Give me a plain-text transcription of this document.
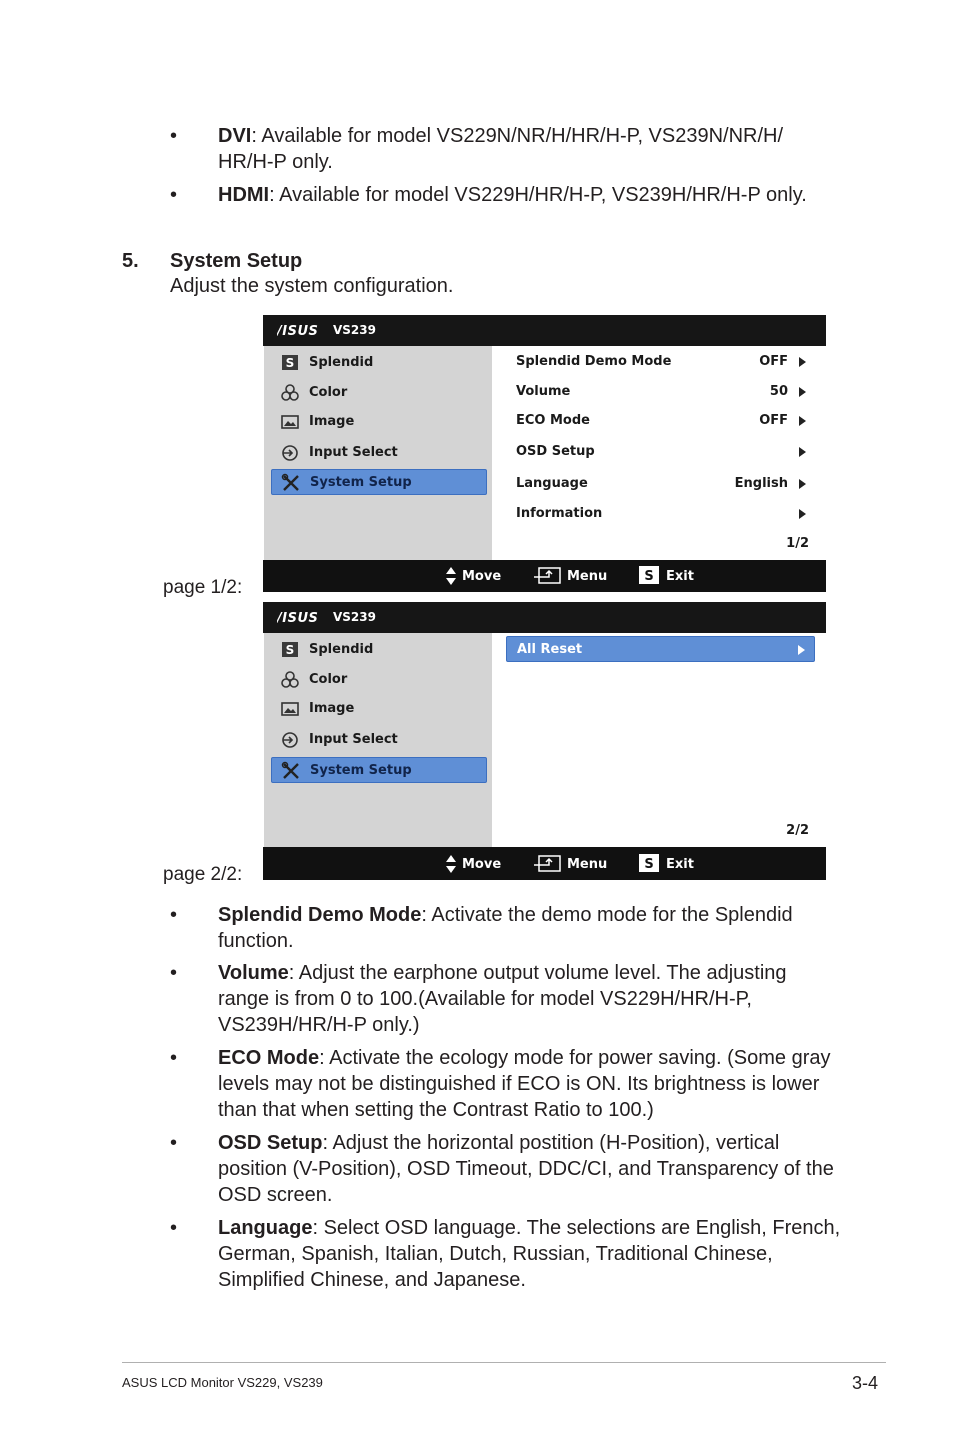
• DVI: Available for model VS229N/NR/H/HR/H-P, VS239N/NR/H/ HR/H-P only.
• HDMI: Available for model VS229H/HR/H-P, VS239H/HR/H-P only.
5. System Setup
Adjust the system configuration.
page 1/2:
page 2/2:
/ISUS VS239
S Splendid
Color
Image
Input Select
System Setup
Splendid Demo Mode	OFF
Volume	50
ECO Mode	OFF
OSD Setup
Language	English
Information
1/2
Move	Menu	S Exit
/ISUS VS239
S Splendid
Color
Image
Input Select
System Setup
All Reset
2/2
Move	Menu	S Exit
• Splendid Demo Mode: Activate the demo mode for the Splendid function.
• Volume: Adjust the earphone output volume level. The adjusting range is from 0 to 100.(Available for model VS229H/HR/H-P, VS239H/HR/H-P only.)
• ECO Mode: Activate the ecology mode for power saving. (Some gray levels may not be distinguished if ECO is ON. Its brightness is lower than that when setting the Contrast Ratio to 100.)
• OSD Setup: Adjust the horizontal postition (H-Position), vertical position (V-Position), OSD Timeout, DDC/CI, and Transparency of the OSD screen.
• Language: Select OSD language. The selections are English, French, German, Spanish, Italian, Dutch, Russian, Traditional Chinese, Simplified Chinese, and Japanese.
ASUS LCD Monitor VS229, VS239	3-4
